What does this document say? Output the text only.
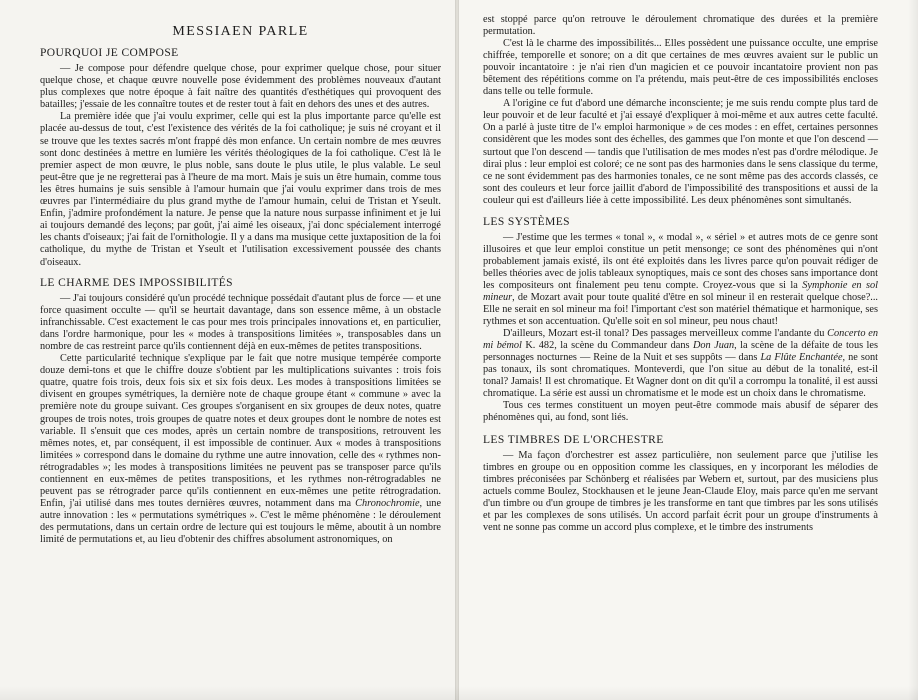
MESSIAEN PARLE
POURQUOI JE COMPOSE

— Je compose pour défendre quelque chose, pour exprimer quelque chose, pour situer quelque chose, et chaque œuvre nouvelle pose évidemment des problèmes nouveaux d'autant plus complexes que notre époque à fait naître des quantités d'esthétiques qui provoquent des batailles; j'essaie de les connaître toutes et de rester tout à fait en dehors des unes et des autres.

La première idée que j'ai voulu exprimer, celle qui est la plus importante parce qu'elle est placée au-dessus de tout, c'est l'existence des vérités de la foi catholique; je suis né croyant et il se trouve que les textes sacrés m'ont frappé dès mon enfance. Un certain nombre de mes œuvres sont donc destinées à mettre en lumière les vérités théologiques de la foi catholique. C'est là le premier aspect de mon œuvre, le plus noble, sans doute le plus utile, le plus valable. Le seul peut-être que je ne regretterai pas à l'heure de ma mort. Mais je suis un être humain, comme tous les êtres humains je suis sensible à l'amour humain que j'ai voulu exprimer dans trois de mes œuvres par l'intermédiaire du plus grand mythe de l'amour humain, celui de Tristan et Yseult. Enfin, j'admire profondément la nature. Je pense que la nature nous surpasse infiniment et je lui ai toujours demandé des leçons; par goût, j'ai aimé les oiseaux, j'ai donc spécialement interrogé les chants d'oiseaux; j'ai fait de l'ornithologie. Il y a dans ma musique cette juxtaposition de la foi catholique, du mythe de Tristan et Yseult et l'utilisation excessivement poussée des chants d'oiseaux.

LE CHARME DES IMPOSSIBILITÉS

— J'ai toujours considéré qu'un procédé technique possédait d'autant plus de force — et une force quasiment occulte — qu'il se heurtait davantage, dans son essence même, à un obstacle infranchissable. C'est exactement le cas pour mes trois principales innovations et, en particulier, dans l'ordre harmonique, pour les « modes à transpositions limitées », transposables dans un nombre de cas restreint parce qu'ils contiennent déjà en eux-mêmes de petites transpositions.

Cette particularité technique s'explique par le fait que notre musique tempérée comporte douze demi-tons et que le chiffre douze s'obtient par les multiplications suivantes : trois fois quatre, quatre fois trois, deux fois six et six fois deux. Les modes à transpositions limitées se divisent en groupes symétriques, la dernière note de chaque groupe étant « commune » avec la première note du groupe suivant. Ces groupes s'organisent en six groupes de deux notes, quatre groupes de trois notes, trois groupes de quatre notes et deux groupes dont le nombre de notes est variable. Il s'ensuit que ces modes, après un certain nombre de transpositions, retrouvent les mêmes notes, et, par conséquent, il est impossible de continuer. Aux « modes à transpositions limitées » correspond dans le domaine du rythme une autre innovation, celle des « rythmes non-rétrogradables »; les modes à transpositions limitées ne peuvent pas se transposer parce qu'ils contiennent en eux-mêmes de petites transpositions, et les rythmes non-rétrogradables ne peuvent pas se rétrograder parce qu'ils contiennent en eux-mêmes une petite rétrogradation. Enfin, j'ai utilisé dans mes toutes dernières œuvres, notamment dans ma Chronochromie, une autre innovation : les « permutations symétriques ». C'est le même phénomène : le déroulement des permutations, dans un certain ordre de lecture qui est toujours le même, aboutit à un nombre limité de permutations et, au lieu d'obtenir des chiffres absolument astronomiques, on

est stoppé parce qu'on retrouve le déroulement chromatique des durées et la première permutation.

C'est là le charme des impossibilités... Elles possèdent une puissance occulte, une emprise chiffrée, temporelle et sonore; on a dit que certaines de mes œuvres avaient sur le public un pouvoir incantatoire : je n'ai rien d'un magicien et ce pouvoir incantatoire provient non pas bêtement des répétitions comme on l'a prétendu, mais peut-être de ces impossibilités encloses dans telle ou telle formule.

A l'origine ce fut d'abord une démarche inconsciente; je me suis rendu compte plus tard de leur pouvoir et de leur faculté et j'ai essayé d'expliquer à moi-même et aux autres cette faculté. On a parlé à juste titre de l'« emploi harmonique » de ces modes : en effet, certaines personnes considèrent que les modes sont des échelles, des gammes que l'on monte et que l'on descend — surtout que l'on descend — tandis que l'utilisation de mes modes n'est pas d'ordre mélodique. Je dirai plus : leur emploi est coloré; ce ne sont pas des harmonies dans le sens classique du terme, ce ne sont évidemment pas des harmonies tonales, ce ne sont même pas des accords classés, ce sont des couleurs et leur force jaillit d'abord de l'impossibilité des transpositions et aussi de la couleur qui est d'ailleurs liée à cette impossibilité. Les deux phénomènes sont simultanés.

LES SYSTÈMES

— J'estime que les termes « tonal », « modal », « sériel » et autres mots de ce genre sont illusoires et que leur emploi constitue un petit mensonge; ce sont des phénomènes qui n'ont probablement jamais existé, ils ont été exploités dans les livres parce qu'on pouvait rédiger de belles théories avec de jolis tableaux synoptiques, mais ce sont des choses sans importance dont les compositeurs ont finalement peu tenu compte. Croyez-vous que si la Symphonie en sol mineur, de Mozart avait pour toute qualité d'être en sol mineur il en resterait quelque chose?... Elle ne serait en sol mineur ma foi! l'important c'est son matériel thématique et harmonique, ses rythmes et son accentuation. Qu'elle soit en sol mineur, peu nous chaut!

D'ailleurs, Mozart est-il tonal? Des passages merveilleux comme l'andante du Concerto en mi bémol K. 482, la scène du Commandeur dans Don Juan, la scène de la défaite de tous les personnages nocturnes — Reine de la Nuit et ses suppôts — dans La Flûte Enchantée, ne sont pas tonaux, ils sont chromatiques. Monteverdi, que l'on situe au début de la tonalité, est-il tonal? Jamais! Il est chromatique. Et Wagner dont on dit qu'il a corrompu la tonalité, il est aussi chromatique. La série est aussi un chromatisme et le mode est un choix dans le chromatisme.

Tous ces termes constituent un moyen peut-être commode mais abusif de séparer des phénomènes qui, au fond, sont liés.

LES TIMBRES DE L'ORCHESTRE

— Ma façon d'orchestrer est assez particulière, non seulement parce que j'utilise les timbres en groupe ou en opposition comme les classiques, en y incorporant les mélodies de timbres préconisées par Schönberg et réalisées par Webern et, surtout, par des musiciens plus actuels comme Boulez, Stockhausen et le jeune Jean-Claude Eloy, mais parce qu'en me servant d'un timbre ou d'un groupe de timbres je les transforme en tant que timbres par les sons utilisés et par les complexes de sons utilisés. Un accord parfait écrit pour un groupe d'instruments à vent ne sonne pas comme un accord plus complexe, et le timbre des instruments
